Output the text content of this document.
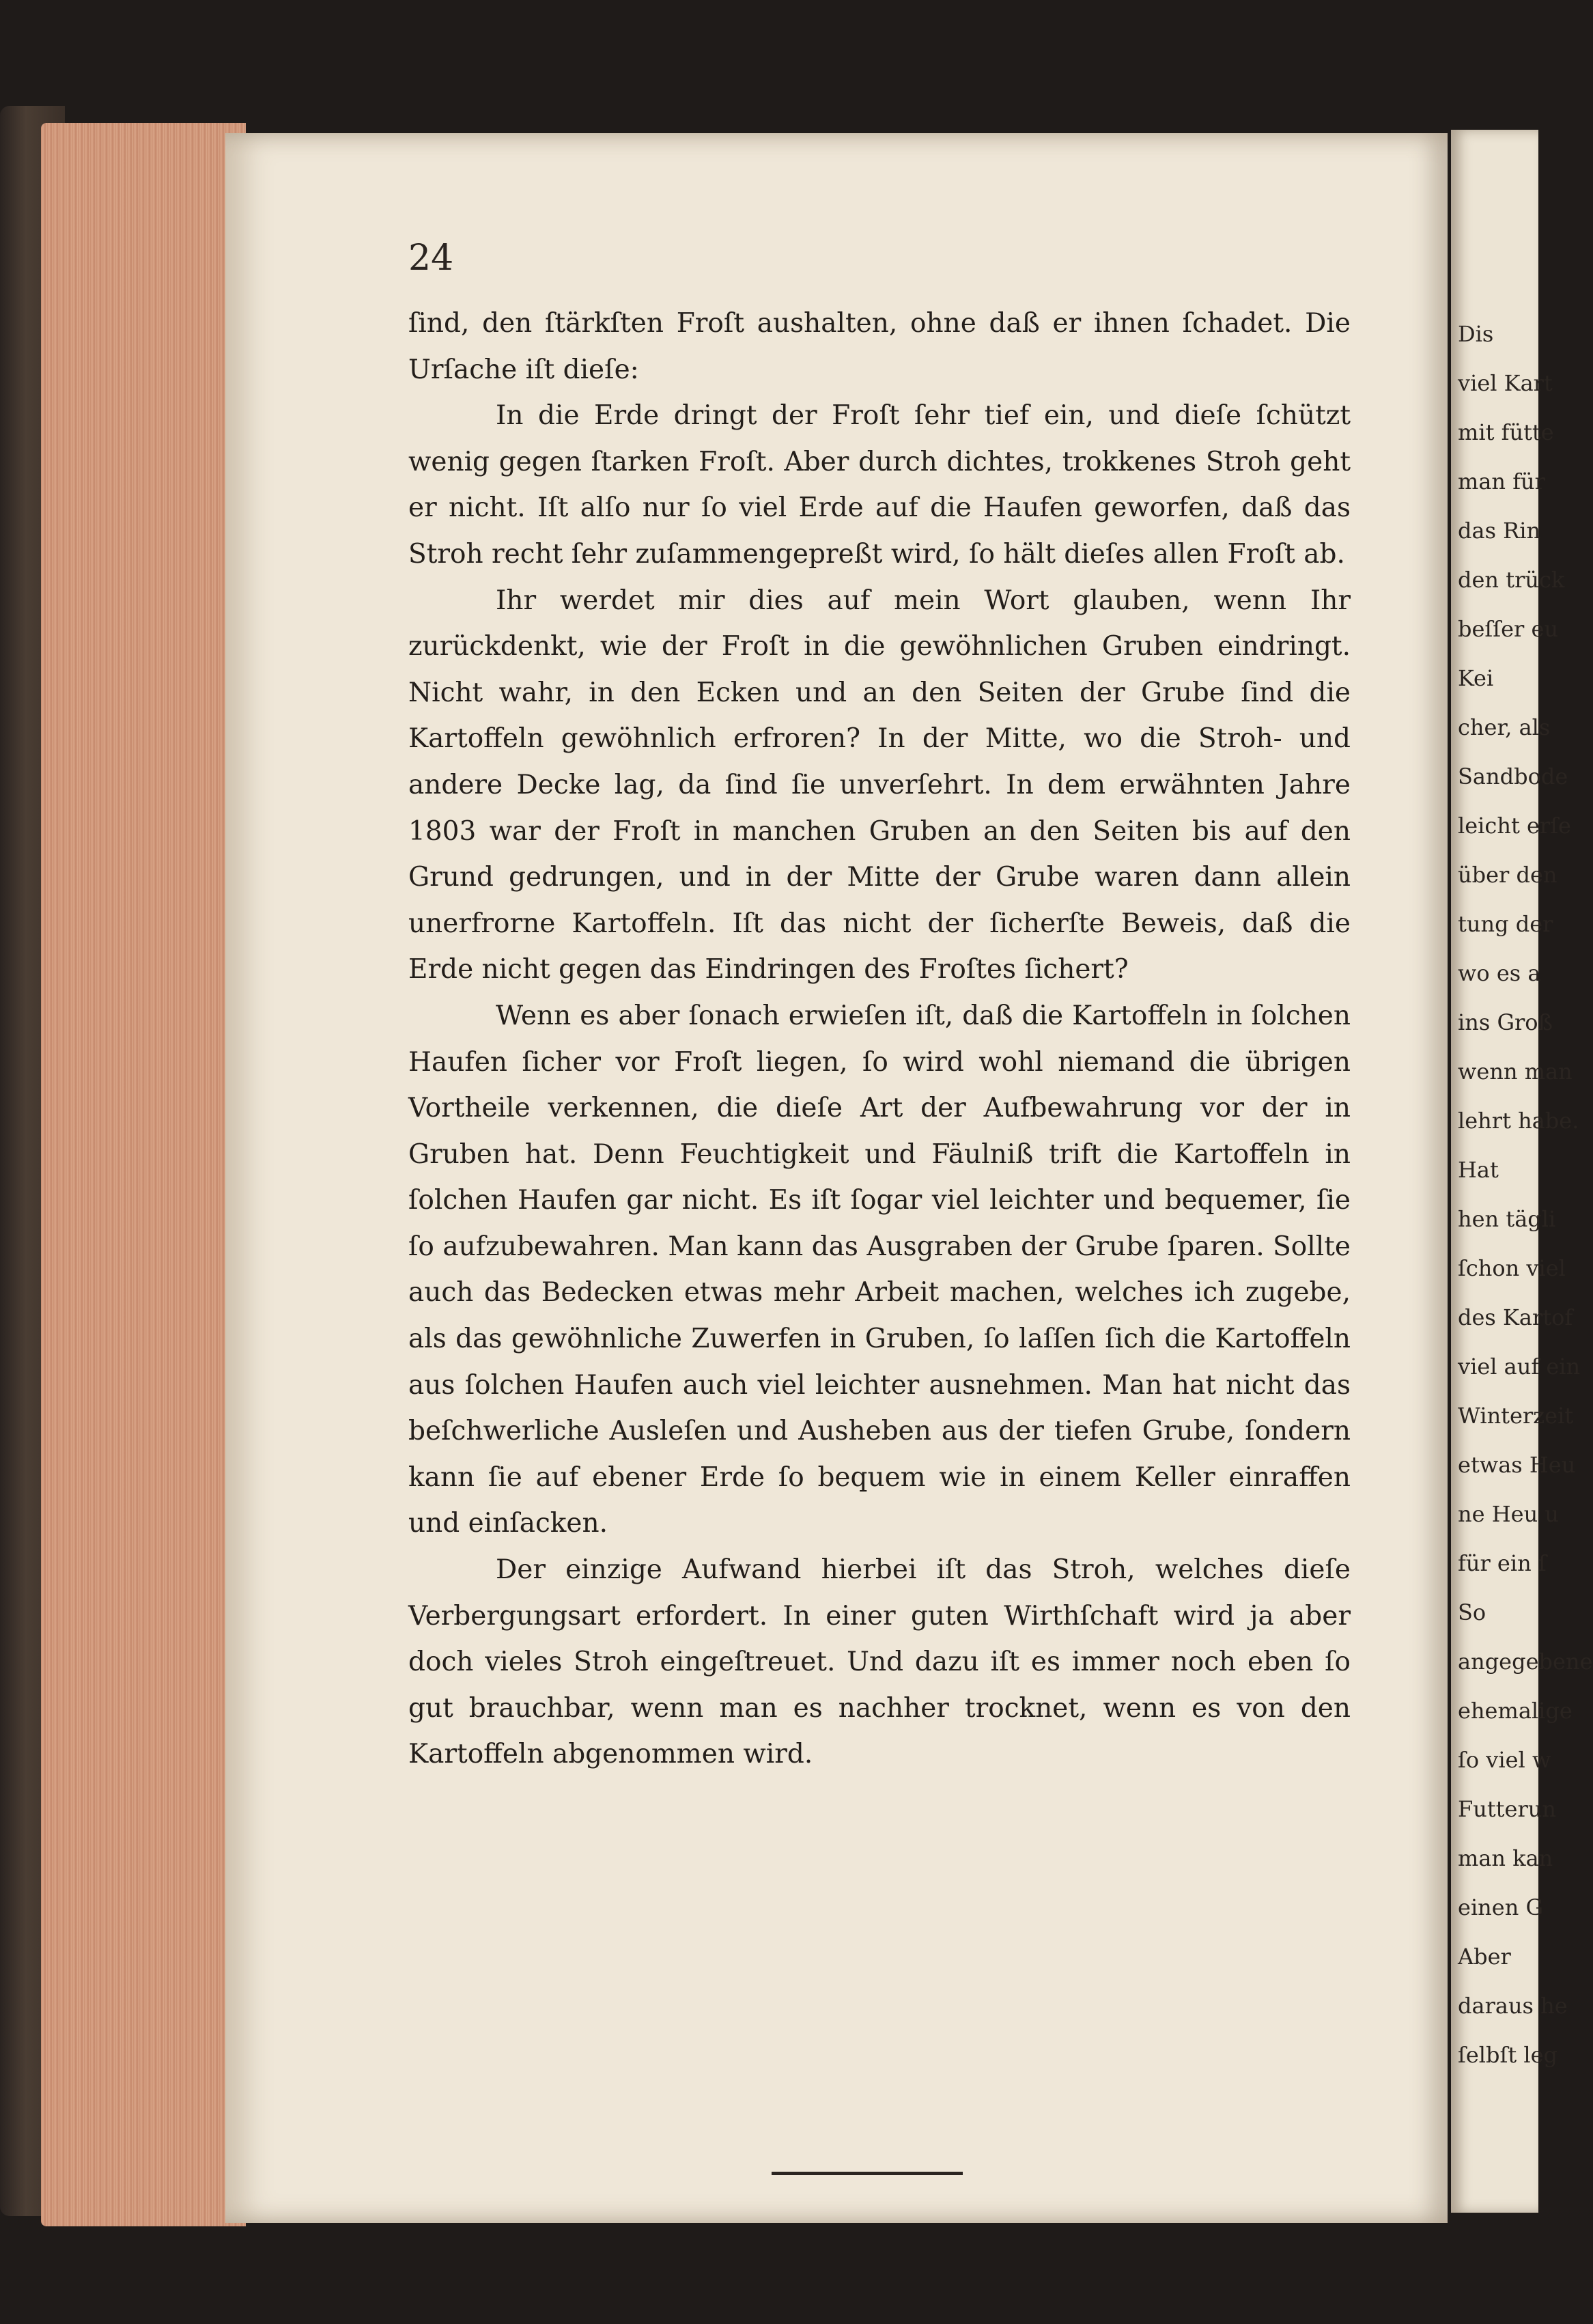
24

ſind, den ſtärkſten Froſt aushalten, ohne daß er ihnen ſchadet. Die Urſache iſt dieſe:

In die Erde dringt der Froſt ſehr tief ein, und dieſe ſchützt wenig gegen ſtarken Froſt. Aber durch dichtes, trokkenes Stroh geht er nicht. Iſt alſo nur ſo viel Erde auf die Haufen geworfen, daß das Stroh recht ſehr zuſammengepreßt wird, ſo hält dieſes allen Froſt ab.

Ihr werdet mir dies auf mein Wort glauben, wenn Ihr zurückdenkt, wie der Froſt in die gewöhnlichen Gruben eindringt. Nicht wahr, in den Ecken und an den Seiten der Grube ſind die Kartoffeln gewöhnlich erfroren? In der Mitte, wo die Stroh- und andere Decke lag, da ſind ſie unverſehrt. In dem erwähnten Jahre 1803 war der Froſt in manchen Gruben an den Seiten bis auf den Grund gedrungen, und in der Mitte der Grube waren dann allein unerfrorne Kartoffeln. Iſt das nicht der ſicherſte Beweis, daß die Erde nicht gegen das Eindringen des Froſtes ſichert?

Wenn es aber ſonach erwieſen iſt, daß die Kartoffeln in ſolchen Haufen ſicher vor Froſt liegen, ſo wird wohl niemand die übrigen Vortheile verkennen, die dieſe Art der Aufbewahrung vor der in Gruben hat. Denn Feuchtigkeit und Fäulniß trift die Kartoffeln in ſolchen Haufen gar nicht. Es iſt ſogar viel leichter und bequemer, ſie ſo aufzubewahren. Man kann das Ausgraben der Grube ſparen. Sollte auch das Bedecken etwas mehr Arbeit machen, welches ich zugebe, als das gewöhnliche Zuwerfen in Gruben, ſo laſſen ſich die Kartoffeln aus ſolchen Haufen auch viel leichter ausnehmen. Man hat nicht das beſchwerliche Ausleſen und Ausheben aus der tiefen Grube, ſondern kann ſie auf ebener Erde ſo bequem wie in einem Keller einraffen und einſacken.

Der einzige Aufwand hierbei iſt das Stroh, welches dieſe Verbergungsart erfordert. In einer guten Wirthſchaft wird ja aber doch vieles Stroh eingeſtreuet. Und dazu iſt es immer noch eben ſo gut brauchbar, wenn man es nachher trocknet, wenn es von den Kartoffeln abgenommen wird.

Dis
viel Kart
mit fütte
man für
das Rin
den trück
beſſer eu
Kei
cher, als
Sandbode
leicht erſe
über den
tung der
wo es a
ins Groß
wenn man
lehrt habe.
Hat
hen tägli
ſchon viel
des Kartof
viel auf ein
Winterzeit
etwas Heu
ne Heu u
für ein ſ
So
angegebene
ehemalige
ſo viel w
Futterun
man kan
einen G
Aber
daraus he
ſelbſt leg
